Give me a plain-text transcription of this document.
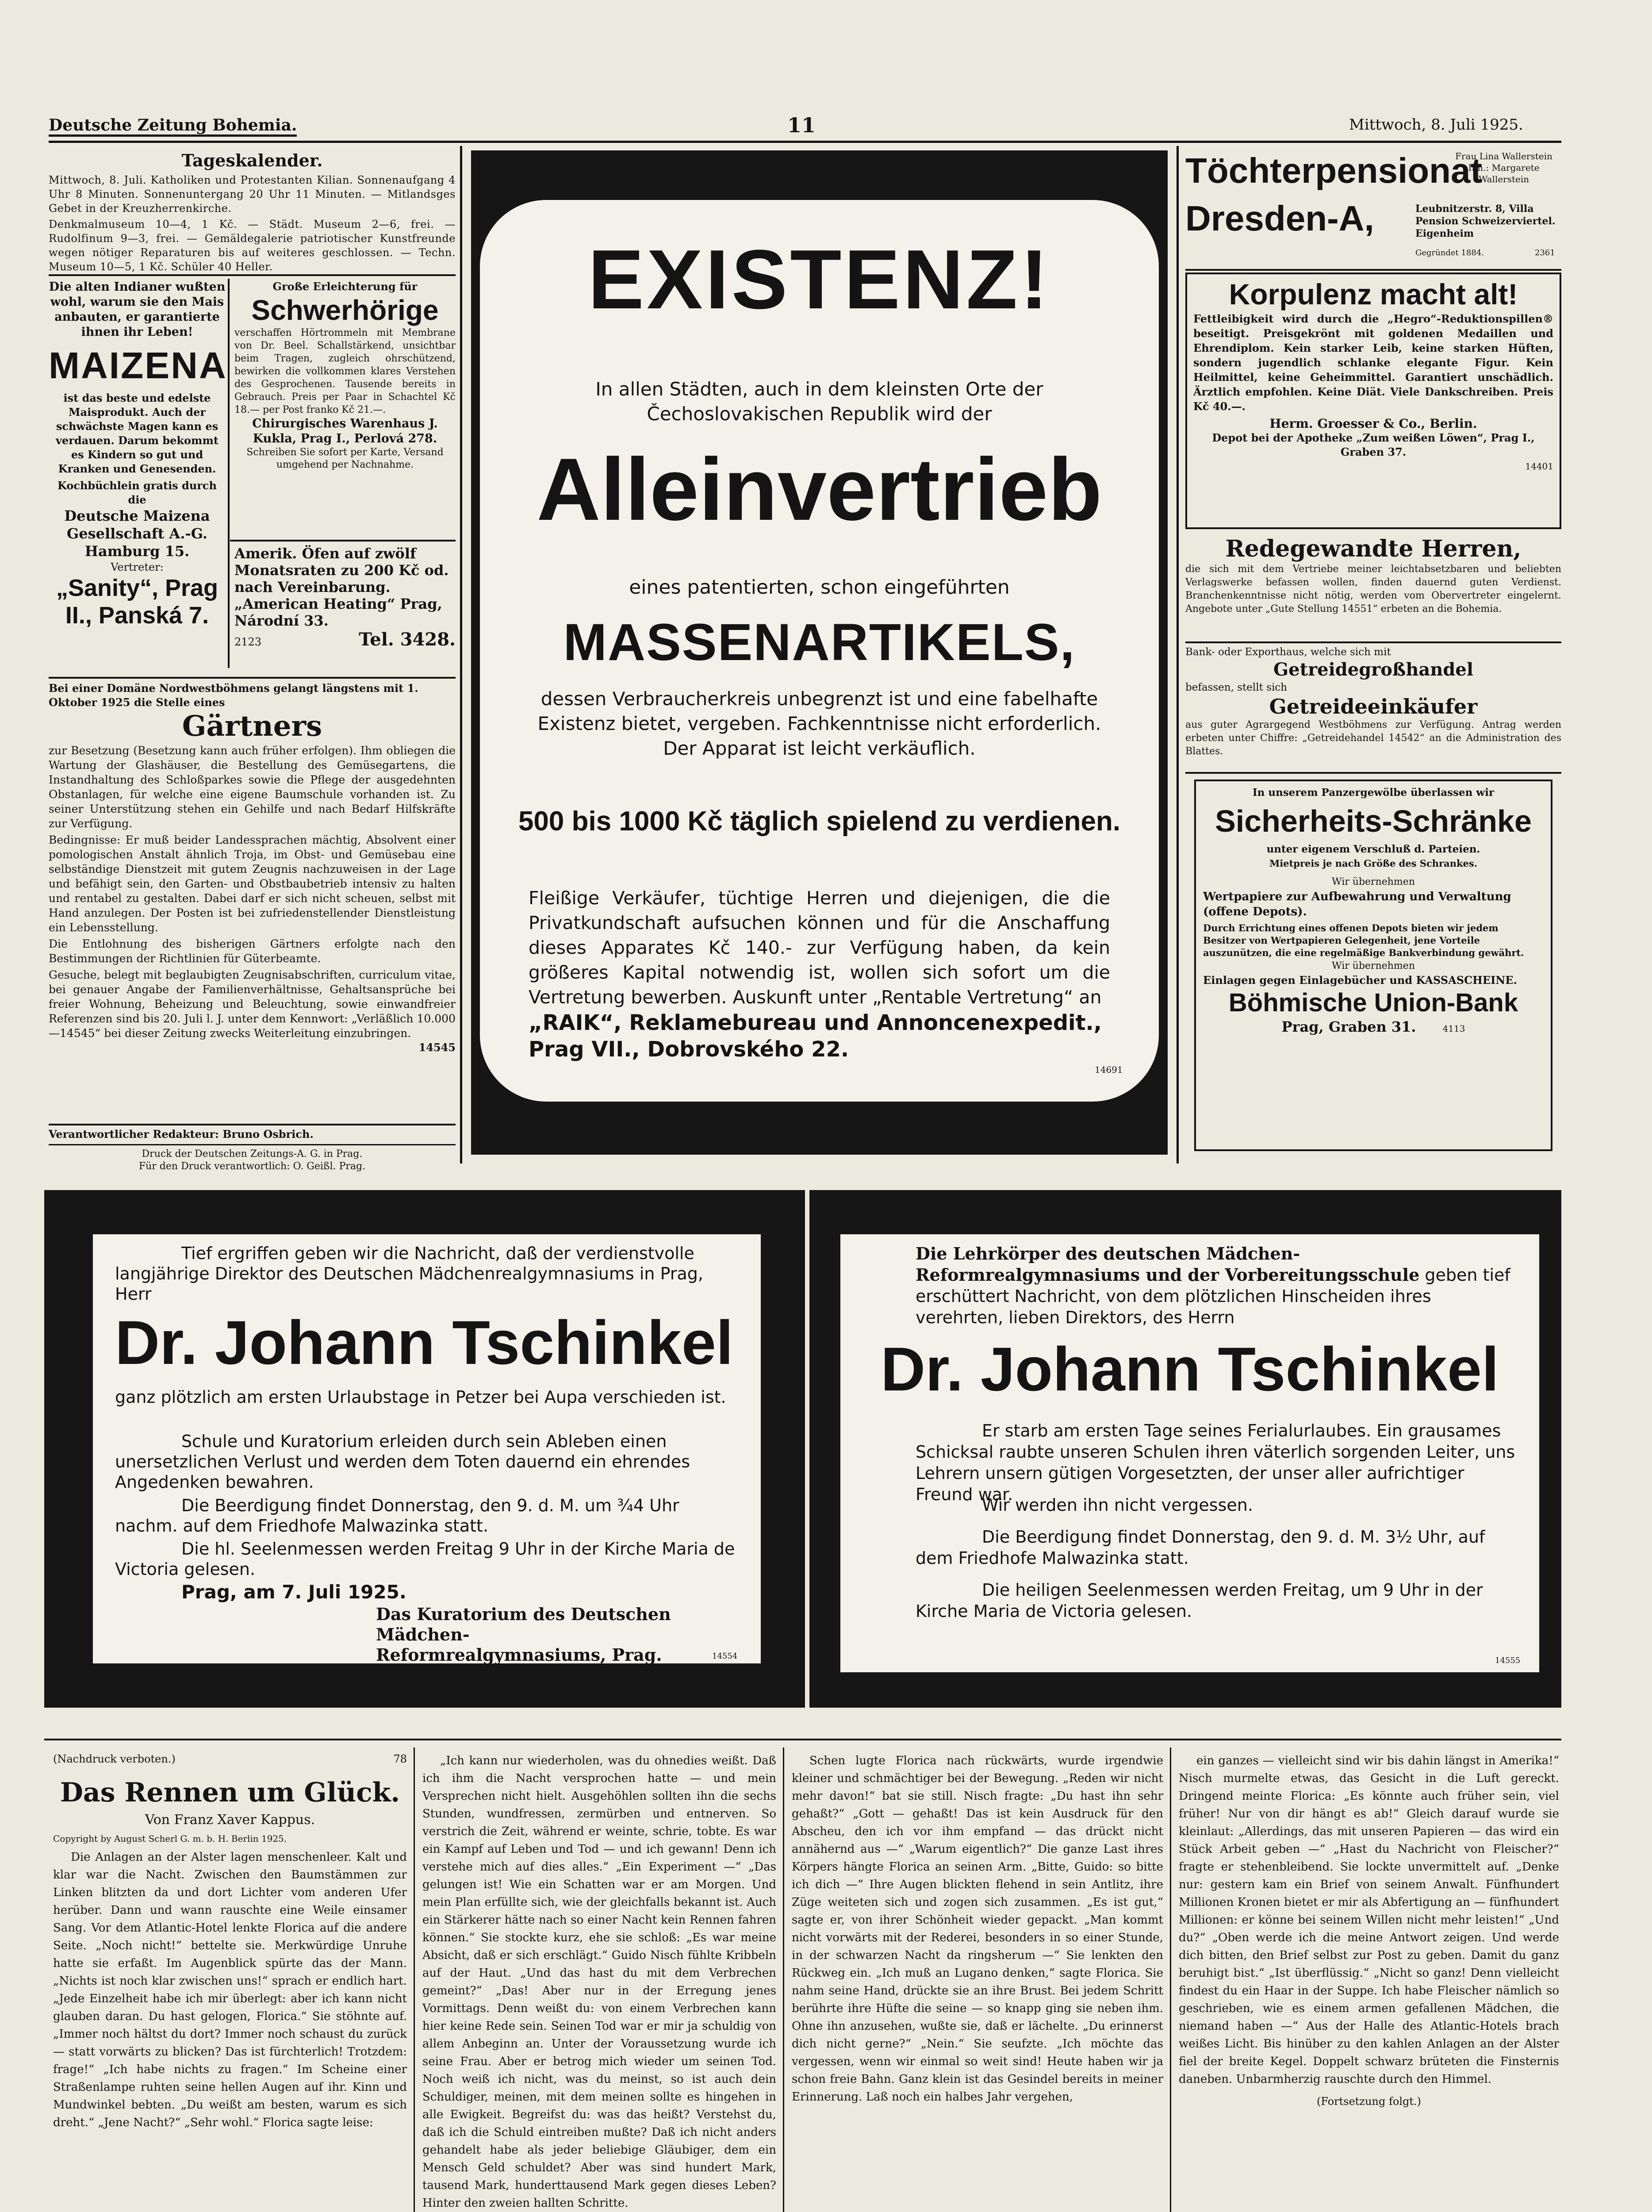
Deutsche Zeitung Bohemia.	11	Mittwoch, 8. Juli 1925.
Tageskalender.
Mittwoch, 8. Juli. Katholiken und Protestanten Kilian. Sonnenaufgang 4 Uhr 8 Minuten. Sonnenuntergang 20 Uhr 11 Minuten. — Mitlandsges Gebet in der Kreuzherrenkirche.
Denkmalmuseum 10—4, 1 Kč. — Städt. Museum 2—6, frei. — Rudolfinum 9—3, frei. — Gemäldegalerie patriotischer Kunstfreunde wegen nötiger Reparaturen bis auf weiteres geschlossen. — Techn. Museum 10—5, 1 Kč. Schüler 40 Heller.
Die alten Indianer wußten wohl, warum sie den Mais anbauten, er garantierte ihnen ihr Leben!
MAIZENA
ist das beste und edelste Maisprodukt. Auch der schwächste Magen kann es verdauen. Darum bekommt es Kindern so gut und Kranken und Genesenden.
Kochbüchlein gratis durch die
Deutsche Maizena Gesellschaft A.-G. Hamburg 15.
Vertreter:
„Sanity“, Prag II., Panská 7.
Große Erleichterung für
Schwerhörige
verschaffen Hörtrommeln mit Membrane von Dr. Beel. Schallstärkend, unsichtbar beim Tragen, zugleich ohrschützend, bewirken die vollkommen klares Verstehen des Gesprochenen. Tausende bereits in Gebrauch. Preis per Paar in Schachtel Kč 18.— per Post franko Kč 21.—.
Chirurgisches Warenhaus J. Kukla, Prag I., Perlová 278.
Schreiben Sie sofort per Karte, Versand umgehend per Nachnahme.
Amerik. Öfen auf zwölf Monatsraten zu 200 Kč od. nach Vereinbarung. „American Heating“ Prag, Národní 33.
2123	Tel. 3428.
Bei einer Domäne Nordwestböhmens gelangt längstens mit 1. Oktober 1925 die Stelle eines
Gärtners
zur Besetzung (Besetzung kann auch früher erfolgen). Ihm obliegen die Wartung der Glashäuser, die Bestellung des Gemüsegartens, die Instandhaltung des Schloßparkes sowie die Pflege der ausgedehnten Obstanlagen, für welche eine eigene Baumschule vorhanden ist. Zu seiner Unterstützung stehen ein Gehilfe und nach Bedarf Hilfskräfte zur Verfügung.
Bedingnisse: Er muß beider Landessprachen mächtig, Absolvent einer pomologischen Anstalt ähnlich Troja, im Obst- und Gemüsebau eine selbständige Dienstzeit mit gutem Zeugnis nachzuweisen in der Lage und befähigt sein, den Garten- und Obstbaubetrieb intensiv zu halten und rentabel zu gestalten. Dabei darf er sich nicht scheuen, selbst mit Hand anzulegen. Der Posten ist bei zufriedenstellender Dienstleistung ein Lebensstellung.
Die Entlohnung des bisherigen Gärtners erfolgte nach den Bestimmungen der Richtlinien für Güterbeamte.
Gesuche, belegt mit beglaubigten Zeugnisabschriften, curriculum vitae, bei genauer Angabe der Familienverhältnisse, Gehaltsansprüche bei freier Wohnung, Beheizung und Beleuchtung, sowie einwandfreier Referenzen sind bis 20. Juli l. J. unter dem Kennwort: „Verläßlich 10.000—14545“ bei dieser Zeitung zwecks Weiterleitung einzubringen.
14545
Verantwortlicher Redakteur: Bruno Osbrich.
Druck der Deutschen Zeitungs-A. G. in Prag.
Für den Druck verantwortlich: O. Geißl. Prag.
EXISTENZ!
In allen Städten, auch in dem kleinsten Orte der Čechoslovakischen Republik wird der
Alleinvertrieb
eines patentierten, schon eingeführten
MASSENARTIKELS,
dessen Verbraucherkreis unbegrenzt ist und eine fabelhafte Existenz bietet, vergeben. Fachkenntnisse nicht erforderlich. Der Apparat ist leicht verkäuflich.
500 bis 1000 Kč täglich spielend zu verdienen.
Fleißige Verkäufer, tüchtige Herren und diejenigen, die die Privatkundschaft aufsuchen können und für die Anschaffung dieses Apparates Kč 140.- zur Verfügung haben, da kein größeres Kapital notwendig ist, wollen sich sofort um die Vertretung bewerben. Auskunft unter „Rentable Vertretung“ an
„RAIK“, Reklamebureau und Annoncenexpedit., Prag VII., Dobrovského 22.
14691
Töchterpensionat
Dresden-A,
Frau Lina Wallerstein Inh.: Margarete Wallerstein
Leubnitzerstr. 8, Villa Pension Schweizerviertel. Eigenheim
Gegründet 1884.	2361
Korpulenz macht alt!
Fettleibigkeit wird durch die „Hegro“-Reduktionspillen® beseitigt. Preisgekrönt mit goldenen Medaillen und Ehrendiplom. Kein starker Leib, keine starken Hüften, sondern jugendlich schlanke elegante Figur. Kein Heilmittel, keine Geheimmittel. Garantiert unschädlich. Ärztlich empfohlen. Keine Diät. Viele Dankschreiben. Preis Kč 40.—.
Herm. Groesser & Co., Berlin.
Depot bei der Apotheke „Zum weißen Löwen“, Prag I., Graben 37.
14401
Redegewandte Herren,
die sich mit dem Vertriebe meiner leichtabsetzbaren und beliebten Verlagswerke befassen wollen, finden dauernd guten Verdienst. Branchenkenntnisse nicht nötig, werden vom Obervertreter eingelernt. Angebote unter „Gute Stellung 14551“ erbeten an die Bohemia.
Bank- oder Exporthaus, welche sich mit
Getreidegroßhandel
befassen, stellt sich
Getreideeinkäufer
aus guter Agrargegend Westböhmens zur Verfügung. Antrag werden erbeten unter Chiffre: „Getreidehandel 14542“ an die Administration des Blattes.
In unserem Panzergewölbe überlassen wir
Sicherheits-Schränke
unter eigenem Verschluß d. Parteien.
Mietpreis je nach Größe des Schrankes.
Wir übernehmen
Wertpapiere zur Aufbewahrung und Verwaltung (offene Depots).
Durch Errichtung eines offenen Depots bieten wir jedem Besitzer von Wertpapieren Gelegenheit, jene Vorteile auszunützen, die eine regelmäßige Bankverbindung gewährt.
Wir übernehmen
Einlagen gegen Einlagebücher und KASSASCHEINE.
Böhmische Union-Bank
Prag, Graben 31.	4113
Tief ergriffen geben wir die Nachricht, daß der verdienstvolle langjährige Direktor des Deutschen Mädchenrealgymnasiums in Prag, Herr
Dr. Johann Tschinkel
ganz plötzlich am ersten Urlaubstage in Petzer bei Aupa verschieden ist.
Schule und Kuratorium erleiden durch sein Ableben einen unersetzlichen Verlust und werden dem Toten dauernd ein ehrendes Angedenken bewahren.
Die Beerdigung findet Donnerstag, den 9. d. M. um ¾4 Uhr nachm. auf dem Friedhofe Malwazinka statt.
Die hl. Seelenmessen werden Freitag 9 Uhr in der Kirche Maria de Victoria gelesen.
Prag, am 7. Juli 1925.
Das Kuratorium des Deutschen Mädchen-Reformrealgymnasiums, Prag.	14554
Die Lehrkörper des deutschen Mädchen-Reformrealgymnasiums und der Vorbereitungsschule geben tief erschüttert Nachricht, von dem plötzlichen Hinscheiden ihres verehrten, lieben Direktors, des Herrn
Dr. Johann Tschinkel
Er starb am ersten Tage seines Ferialurlaubes. Ein grausames Schicksal raubte unseren Schulen ihren väterlich sorgenden Leiter, uns Lehrern unsern gütigen Vorgesetzten, der unser aller aufrichtiger Freund war.
Wir werden ihn nicht vergessen.
Die Beerdigung findet Donnerstag, den 9. d. M. 3½ Uhr, auf dem Friedhofe Malwazinka statt.
Die heiligen Seelenmessen werden Freitag, um 9 Uhr in der Kirche Maria de Victoria gelesen.
14555
(Nachdruck verboten.)	78
Das Rennen um Glück.
Von Franz Xaver Kappus.
Copyright by August Scherl G. m. b. H. Berlin 1925.
Die Anlagen an der Alster lagen menschenleer. Kalt und klar war die Nacht. Zwischen den Baumstämmen zur Linken blitzten da und dort Lichter vom anderen Ufer herüber. Dann und wann rauschte eine Weile einsamer Sang. Vor dem Atlantic-Hotel lenkte Florica auf die andere Seite. „Noch nicht!“ bettelte sie. Merkwürdige Unruhe hatte sie erfaßt. Im Augenblick spürte das der Mann. „Nichts ist noch klar zwischen uns!“ sprach er endlich hart. „Jede Einzelheit habe ich mir überlegt: aber ich kann nicht glauben daran. Du hast gelogen, Florica.“ Sie stöhnte auf. „Immer noch hältst du dort? Immer noch schaust du zurück — statt vorwärts zu blicken? Das ist fürchterlich! Trotzdem: frage!“ „Ich habe nichts zu fragen.“ Im Scheine einer Straßenlampe ruhten seine hellen Augen auf ihr. Kinn und Mundwinkel bebten. „Du weißt am besten, warum es sich dreht.“ „Jene Nacht?“ „Sehr wohl.“ Florica sagte leise:
„Ich kann nur wiederholen, was du ohnedies weißt. Daß ich ihm die Nacht versprochen hatte — und mein Versprechen nicht hielt. Ausgehöhlen sollten ihn die sechs Stunden, wundfressen, zermürben und entnerven. So verstrich die Zeit, während er weinte, schrie, tobte. Es war ein Kampf auf Leben und Tod — und ich gewann! Denn ich verstehe mich auf dies alles.“ „Ein Experiment —“ „Das gelungen ist! Wie ein Schatten war er am Morgen. Und mein Plan erfüllte sich, wie der gleichfalls bekannt ist. Auch ein Stärkerer hätte nach so einer Nacht kein Rennen fahren können.“ Sie stockte kurz, ehe sie schloß: „Es war meine Absicht, daß er sich erschlägt.“ Guido Nisch fühlte Kribbeln auf der Haut. „Und das hast du mit dem Verbrechen gemeint?“ „Das! Aber nur in der Erregung jenes Vormittags. Denn weißt du: von einem Verbrechen kann hier keine Rede sein. Seinen Tod war er mir ja schuldig von allem Anbeginn an. Unter der Voraussetzung wurde ich seine Frau. Aber er betrog mich wieder um seinen Tod. Noch weiß ich nicht, was du meinst, so ist auch dein Schuldiger, meinen, mit dem meinen sollte es hingehen in alle Ewigkeit. Begreifst du: was das heißt? Verstehst du, daß ich die Schuld eintreiben mußte? Daß ich nicht anders gehandelt habe als jeder beliebige Gläubiger, dem ein Mensch Geld schuldet? Aber was sind hundert Mark, tausend Mark, hunderttausend Mark gegen dieses Leben? Hinter den zweien hallten Schritte.
Schen lugte Florica nach rückwärts, wurde irgendwie kleiner und schmächtiger bei der Bewegung. „Reden wir nicht mehr davon!“ bat sie still. Nisch fragte: „Du hast ihn sehr gehaßt?“ „Gott — gehaßt! Das ist kein Ausdruck für den Abscheu, den ich vor ihm empfand — das drückt nicht annähernd aus —“ „Warum eigentlich?“ Die ganze Last ihres Körpers hängte Florica an seinen Arm. „Bitte, Guido: so bitte ich dich —“ Ihre Augen blickten flehend in sein Antlitz, ihre Züge weiteten sich und zogen sich zusammen. „Es ist gut,“ sagte er, von ihrer Schönheit wieder gepackt. „Man kommt nicht vorwärts mit der Rederei, besonders in so einer Stunde, in der schwarzen Nacht da ringsherum —“ Sie lenkten den Rückweg ein. „Ich muß an Lugano denken,“ sagte Florica. Sie nahm seine Hand, drückte sie an ihre Brust. Bei jedem Schritt berührte ihre Hüfte die seine — so knapp ging sie neben ihm. Ohne ihn anzusehen, wußte sie, daß er lächelte. „Du erinnerst dich nicht gerne?“ „Nein.“ Sie seufzte. „Ich möchte das vergessen, wenn wir einmal so weit sind! Heute haben wir ja schon freie Bahn. Ganz klein ist das Gesindel bereits in meiner Erinnerung. Laß noch ein halbes Jahr vergehen,
ein ganzes — vielleicht sind wir bis dahin längst in Amerika!“ Nisch murmelte etwas, das Gesicht in die Luft gereckt. Dringend meinte Florica: „Es könnte auch früher sein, viel früher! Nur von dir hängt es ab!“ Gleich darauf wurde sie kleinlaut: „Allerdings, das mit unseren Papieren — das wird ein Stück Arbeit geben —“ „Hast du Nachricht von Fleischer?“ fragte er stehenbleibend. Sie lockte unvermittelt auf. „Denke nur: gestern kam ein Brief von seinem Anwalt. Fünfhundert Millionen Kronen bietet er mir als Abfertigung an — fünfhundert Millionen: er könne bei seinem Willen nicht mehr leisten!“ „Und du?“ „Oben werde ich die meine Antwort zeigen. Und werde dich bitten, den Brief selbst zur Post zu geben. Damit du ganz beruhigt bist.“ „Ist überflüssig.“ „Nicht so ganz! Denn vielleicht findest du ein Haar in der Suppe. Ich habe Fleischer nämlich so geschrieben, wie es einem armen gefallenen Mädchen, die niemand haben —“ Aus der Halle des Atlantic-Hotels brach weißes Licht. Bis hinüber zu den kahlen Anlagen an der Alster fiel der breite Kegel. Doppelt schwarz brüteten die Finsternis daneben. Unbarmherzig rauschte durch den Himmel.
(Fortsetzung folgt.)
